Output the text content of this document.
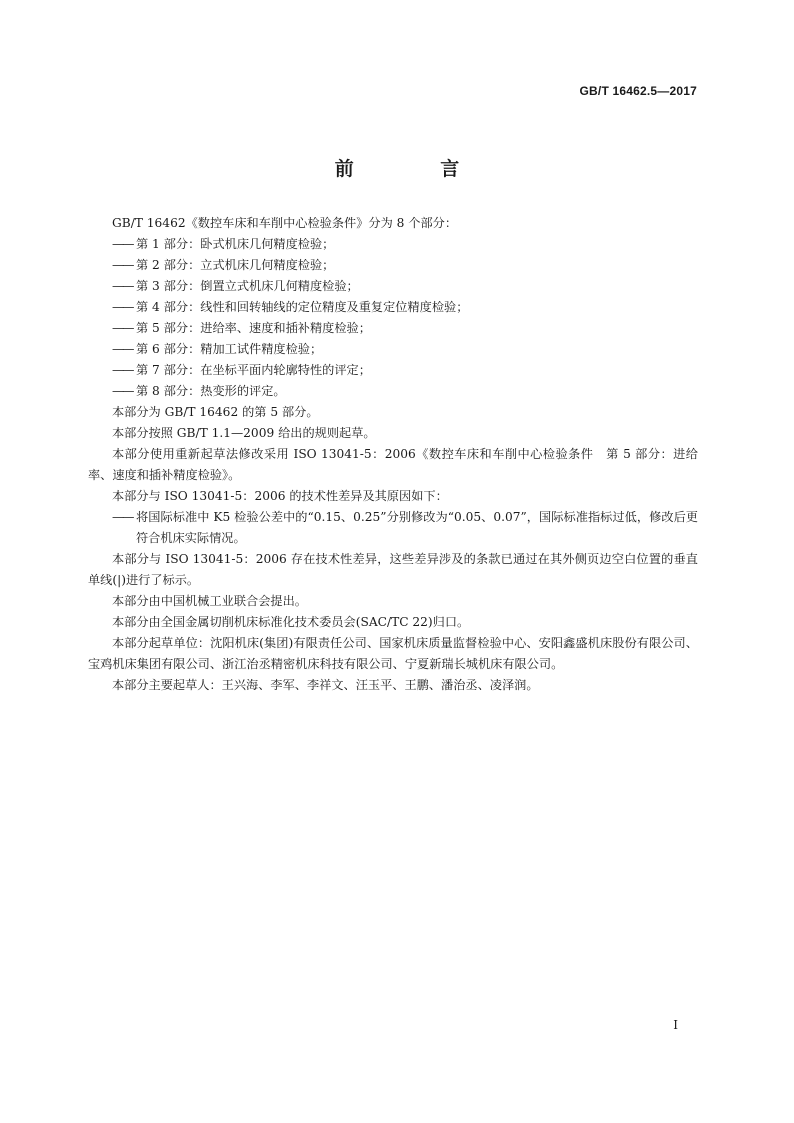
GB/T 16462.5—2017
前 言

GB/T 16462《数控车床和车削中心检验条件》分为 8 个部分：

—— 第 1 部分：卧式机床几何精度检验；

—— 第 2 部分：立式机床几何精度检验；

—— 第 3 部分：倒置立式机床几何精度检验；

—— 第 4 部分：线性和回转轴线的定位精度及重复定位精度检验；

—— 第 5 部分：进给率、速度和插补精度检验；

—— 第 6 部分：精加工试件精度检验；

—— 第 7 部分：在坐标平面内轮廓特性的评定；

—— 第 8 部分：热变形的评定。

本部分为 GB/T 16462 的第 5 部分。

本部分按照 GB/T 1.1—2009 给出的规则起草。

本部分使用重新起草法修改采用 ISO 13041-5：2006《数控车床和车削中心检验条件　第 5 部分：进给率、速度和插补精度检验》。

本部分与 ISO 13041-5：2006 的技术性差异及其原因如下：

—— 将国际标准中 K5 检验公差中的“0.15、0.25”分别修改为“0.05、0.07”，国际标准指标过低，修改后更符合机床实际情况。

本部分与 ISO 13041-5：2006 存在技术性差异，这些差异涉及的条款已通过在其外侧页边空白位置的垂直单线(|)进行了标示。

本部分由中国机械工业联合会提出。

本部分由全国金属切削机床标准化技术委员会(SAC/TC 22)归口。

本部分起草单位：沈阳机床(集团)有限责任公司、国家机床质量监督检验中心、安阳鑫盛机床股份有限公司、宝鸡机床集团有限公司、浙江治丞精密机床科技有限公司、宁夏新瑞长城机床有限公司。

本部分主要起草人：王兴海、李军、李祥文、汪玉平、王鹏、潘治丞、凌泽润。

I
